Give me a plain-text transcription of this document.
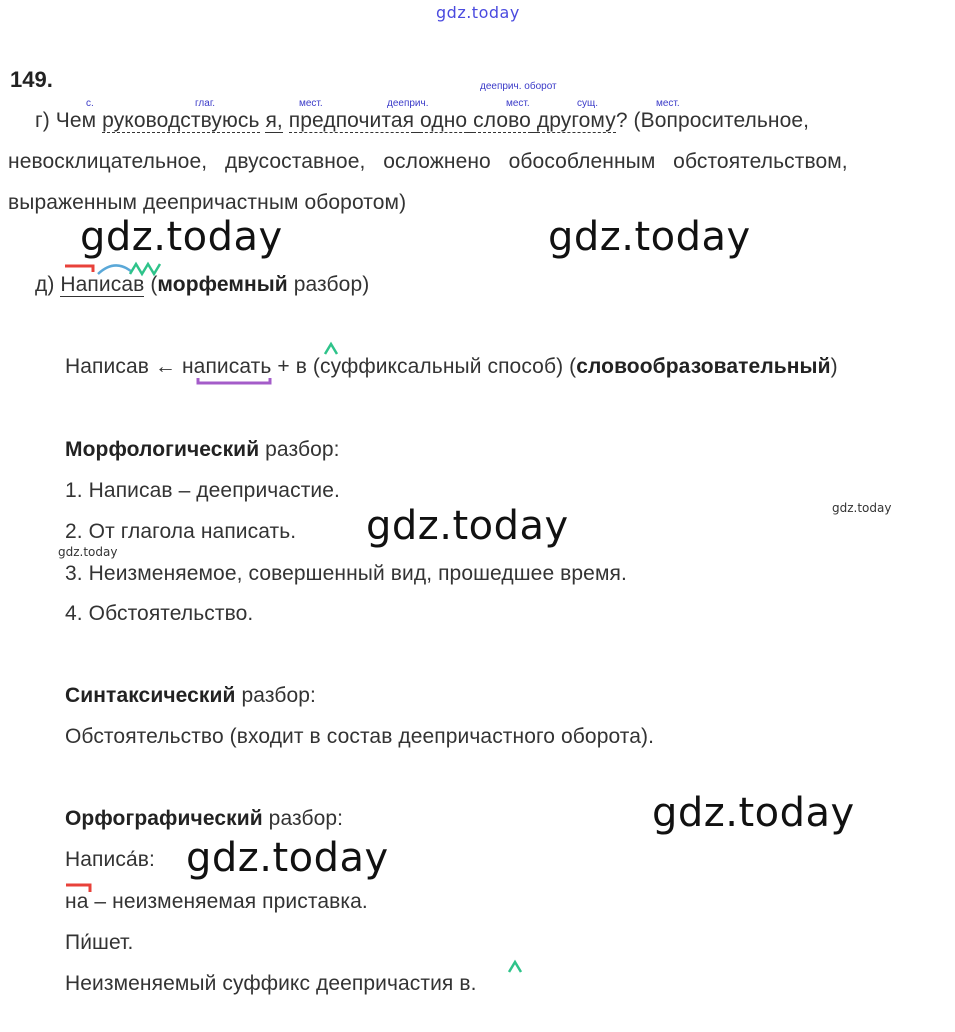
gdz.today
149.
с.	глаг.	мест.
дееприч. оборот
дееприч.	мест.	сущ.	мест.
г) Чем руководствуюсь я, предпочитая одно слово другому? (Вопросительное,
невосклицательное,   двусоставное,   осложнено   обособленным   обстоятельством,
выраженным деепричастным оборотом)
gdz.today	gdz.today
д) Написав (морфемный разбор)
Написав ← написать + в (суффиксальный способ) (словообразовательный)
Морфологический разбор:
1. Написав – деепричастие.
gdz.today
2. От глагола написать. gdz.today
gdz.today
3. Неизменяемое, совершенный вид, прошедшее время.
4. Обстоятельство.
Синтаксический разбор:
Обстоятельство (входит в состав деепричастного оборота).
gdz.today
Орфографический разбор:
Написа́в: gdz.today
на – неизменяемая приставка.
Пи́шет.
Неизменяемый суффикс деепричастия в.
